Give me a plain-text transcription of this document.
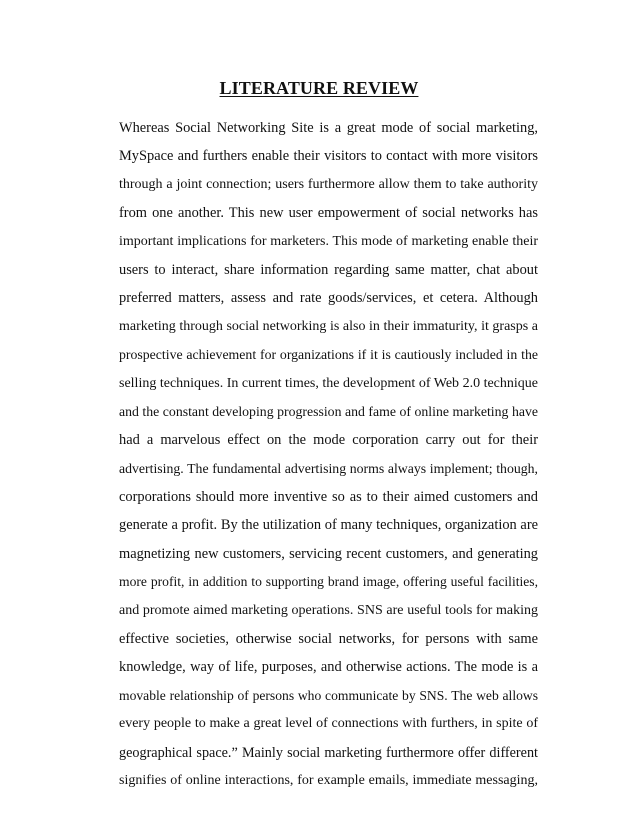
LITERATURE REVIEW
Whereas Social Networking Site is a great mode of social marketing,
MySpace and furthers enable their visitors to contact with more visitors
through a joint connection; users furthermore allow them to take authority
from one another. This new user empowerment of social networks has
important implications for marketers. This mode of marketing enable their
users to interact, share information regarding same matter, chat about
preferred matters, assess and rate goods/services, et cetera. Although
marketing through social networking is also in their immaturity, it grasps a
prospective achievement for organizations if it is cautiously included in the
selling techniques. In current times, the development of Web 2.0 technique
and the constant developing progression and fame of online marketing have
had a marvelous effect on the mode corporation carry out for their
advertising. The fundamental advertising norms always implement; though,
corporations should more inventive so as to their aimed customers and
generate a profit. By the utilization of many techniques, organization are
magnetizing new customers, servicing recent customers, and generating
more profit, in addition to supporting brand image, offering useful facilities,
and promote aimed marketing operations. SNS are useful tools for making
effective societies, otherwise social networks, for persons with same
knowledge, way of life, purposes, and otherwise actions. The mode is a
movable relationship of persons who communicate by SNS. The web allows
every people to make a great level of connections with furthers, in spite of
geographical space.” Mainly social marketing furthermore offer different
signifies of online interactions, for example emails, immediate messaging,
